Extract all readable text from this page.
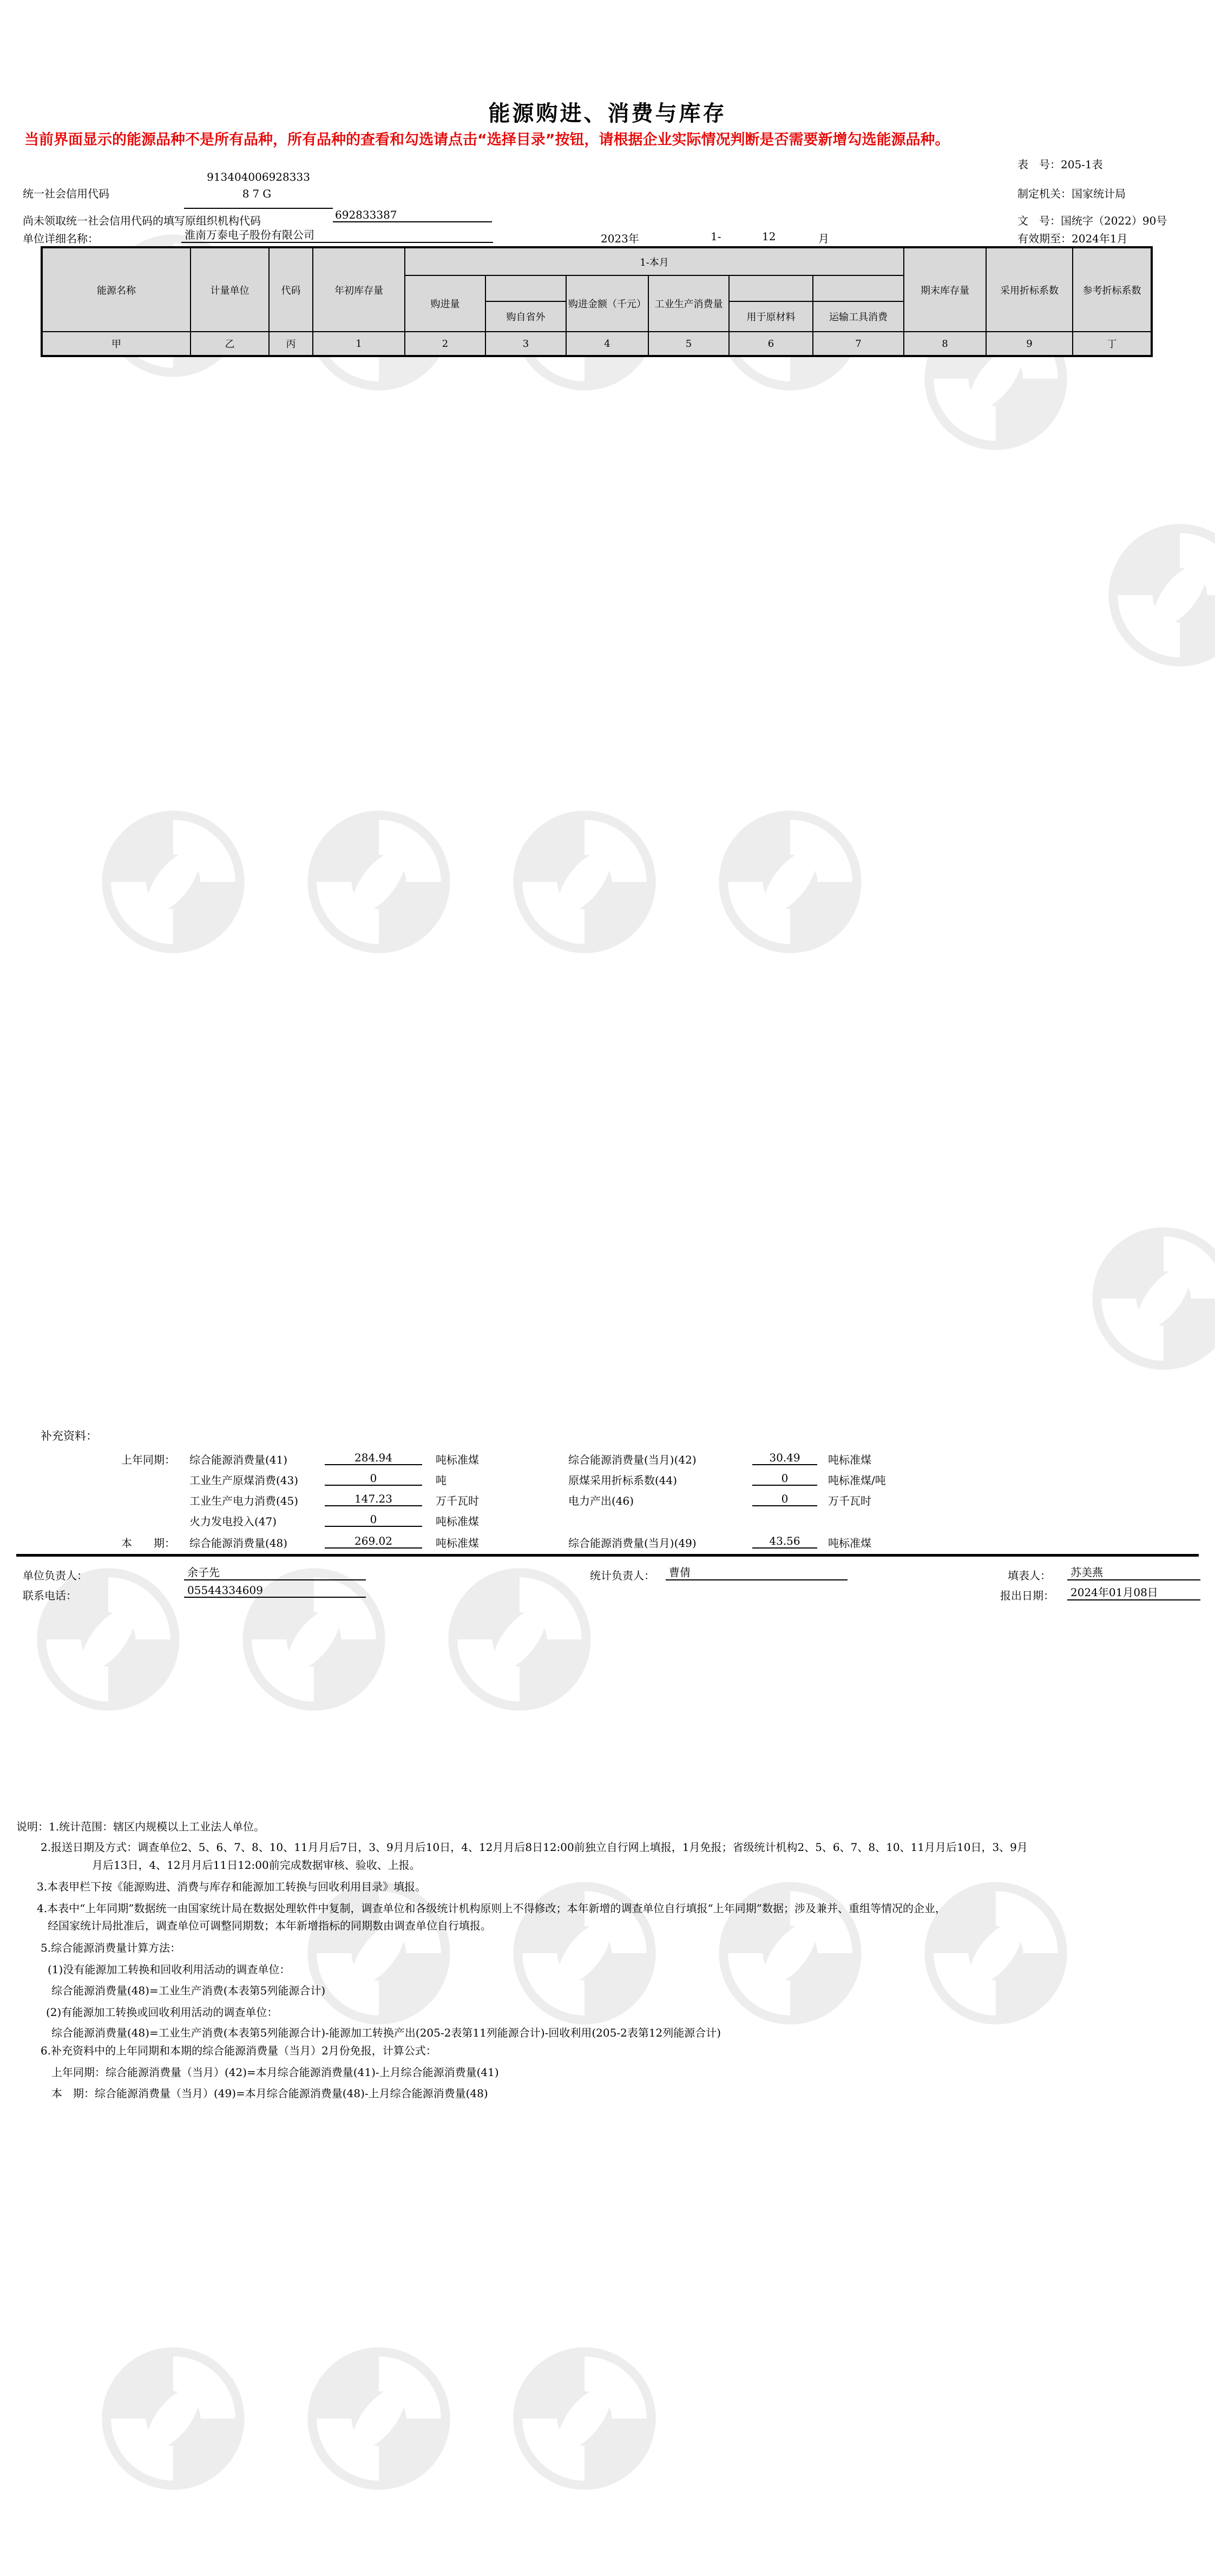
能源购进、消费与库存
当前界面显示的能源品种不是所有品种，所有品种的查看和勾选请点击“选择目录”按钮，请根据企业实际情况判断是否需要新增勾选能源品种。
表　号：205-1表
统一社会信用代码
913404006928333
87G	制定机关：国家统计局
尚未领取统一社会信用代码的填写原组织机构代码	692833387	文　号：国统字（2022）90号
单位详细名称：	淮南万泰电子股份有限公司	2023年	1-	12	月	有效期至：2024年1月
能源名称	计量单位	代码	年初库存量	1-本月						期末库存量	采用折标系数	参考折标系数
				购进量		购进金额（千元）	工业生产消费量					
					购自省外			用于原材料	运输工具消费			
甲	乙	丙	1	2	3	4	5	6	7	8	9	丁
补充资料：
上年同期： 综合能源消费量(41)	284.94	吨标准煤	综合能源消费量(当月)(42)	30.49	吨标准煤
工业生产原煤消费(43)	0	吨	原煤采用折标系数(44)	0	吨标准煤/吨
工业生产电力消费(45)	147.23	万千瓦时	电力产出(46)	0	万千瓦时
火力发电投入(47)	0	吨标准煤
本　　期： 综合能源消费量(48)	269.02	吨标准煤	综合能源消费量(当月)(49)	43.56	吨标准煤
单位负责人：	余子先	统计负责人：	曹倩	填表人：	苏美燕
联系电话：	05544334609	报出日期：	2024年01月08日
说明：1.统计范围：辖区内规模以上工业法人单位。
2.报送日期及方式：调查单位2、5、6、7、8、10、11月月后7日，3、9月月后10日，4、12月月后8日12:00前独立自行网上填报，1月免报；省级统计机构2、5、6、7、8、10、11月月后10日，3、9月
月后13日，4、12月月后11日12:00前完成数据审核、验收、上报。
3.本表甲栏下按《能源购进、消费与库存和能源加工转换与回收利用目录》填报。
4.本表中“上年同期”数据统一由国家统计局在数据处理软件中复制，调查单位和各级统计机构原则上不得修改；本年新增的调查单位自行填报“上年同期”数据；涉及兼并、重组等情况的企业，
经国家统计局批准后，调查单位可调整同期数；本年新增指标的同期数由调查单位自行填报。
5.综合能源消费量计算方法：
(1)没有能源加工转换和回收利用活动的调查单位：
综合能源消费量(48)=工业生产消费(本表第5列能源合计)
(2)有能源加工转换或回收利用活动的调查单位：
综合能源消费量(48)=工业生产消费(本表第5列能源合计)-能源加工转换产出(205-2表第11列能源合计)-回收利用(205-2表第12列能源合计)
6.补充资料中的上年同期和本期的综合能源消费量（当月）2月份免报，计算公式：
上年同期：综合能源消费量（当月）(42)=本月综合能源消费量(41)-上月综合能源消费量(41)
本　期：综合能源消费量（当月）(49)=本月综合能源消费量(48)-上月综合能源消费量(48)
